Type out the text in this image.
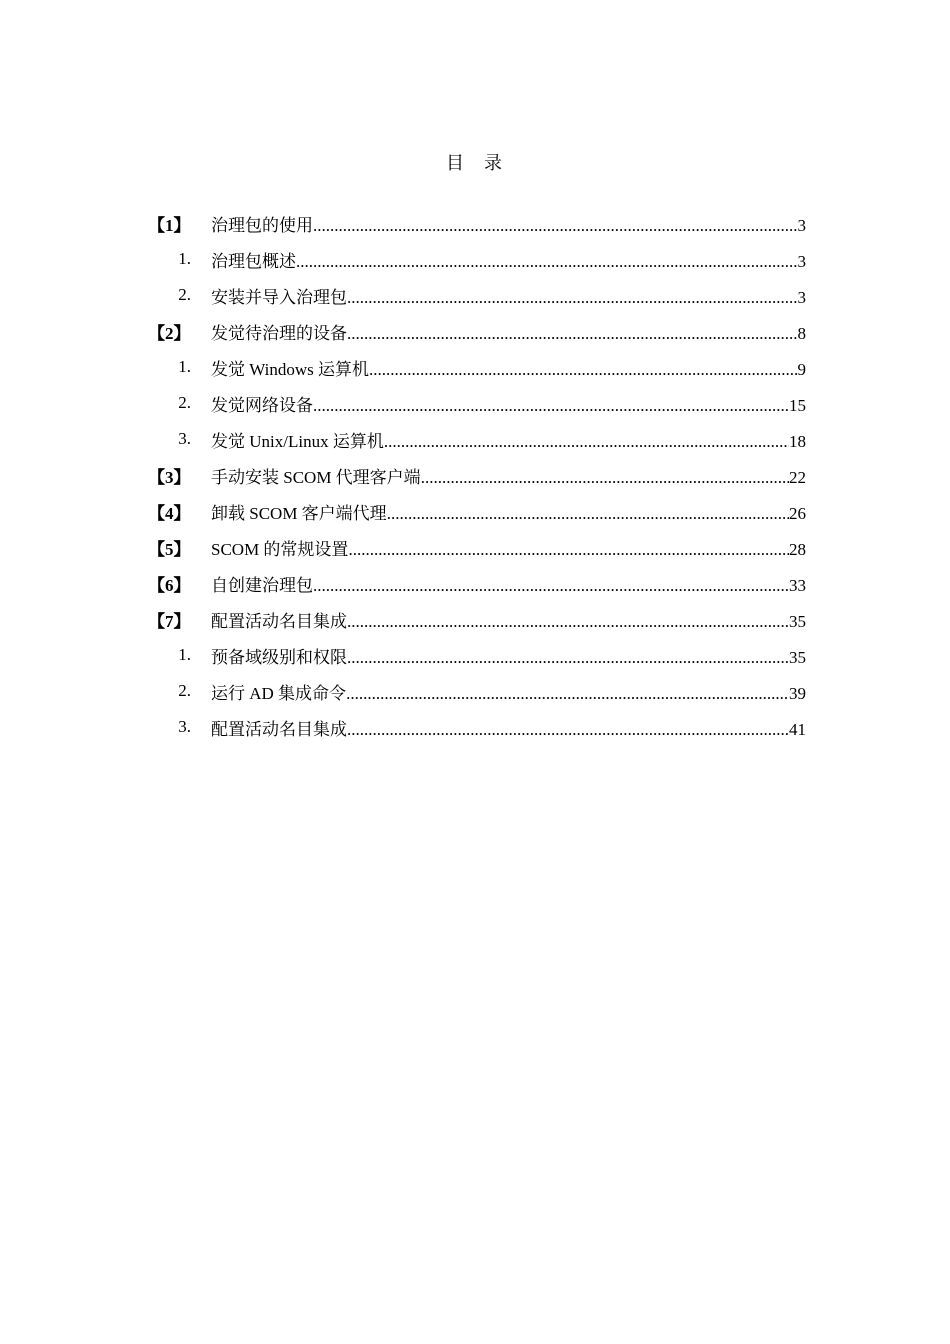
目 录
【1】	治理包的使用 .....	3
1.	治理包概述 .....	3
2.	安装并导入治理包 .....	3
【2】	发觉待治理的设备 .....	8
1.	发觉 Windows 运算机 .....	9
2.	发觉网络设备 .....	15
3.	发觉 Unix/Linux 运算机 .....	18
【3】	手动安装 SCOM 代理客户端 .....	22
【4】	卸载 SCOM 客户端代理 .....	26
【5】	SCOM 的常规设置 .....	28
【6】	自创建治理包 .....	33
【7】	配置活动名目集成 .....	35
1.	预备域级别和权限 .....	35
2.	运行 AD 集成命令 .....	39
3.	配置活动名目集成 .....	41
